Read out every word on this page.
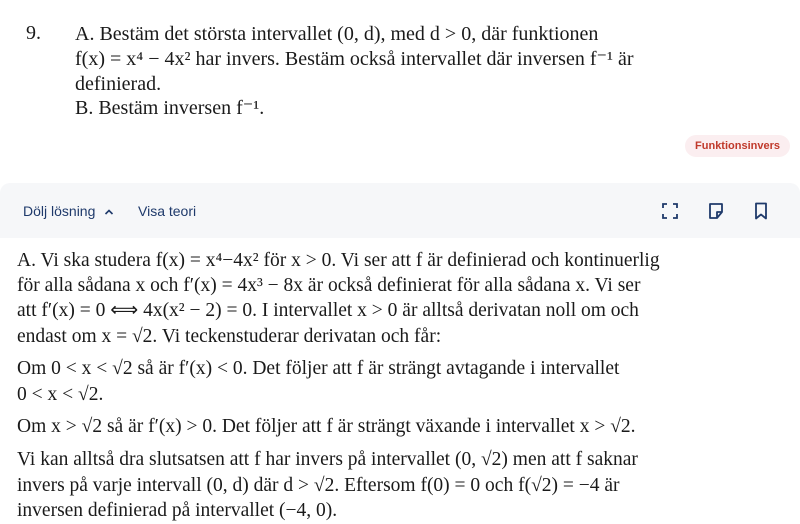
9. A. Bestäm det största intervallet (0, d), med d > 0, där funktionen
f(x) = x⁴ − 4x² har invers. Bestäm också intervallet där inversen f⁻¹ är
definierad.
B. Bestäm inversen f⁻¹.
Funktionsinvers
Dölj lösning	Visa teori
A. Vi ska studera f(x) = x⁴−4x² för x > 0. Vi ser att f är definierad och kontinuerlig
för alla sådana x och f′(x) = 4x³ − 8x är också definierat för alla sådana x. Vi ser
att f′(x) = 0 ⟺ 4x(x² − 2) = 0. I intervallet x > 0 är alltså derivatan noll om och
endast om x = √2. Vi teckenstuderar derivatan och får:
Om 0 < x < √2 så är f′(x) < 0. Det följer att f är strängt avtagande i intervallet
0 < x < √2.
Om x > √2 så är f′(x) > 0. Det följer att f är strängt växande i intervallet x > √2.
Vi kan alltså dra slutsatsen att f har invers på intervallet (0, √2) men att f saknar
invers på varje intervall (0, d) där d > √2. Eftersom f(0) = 0 och f(√2) = −4 är
inversen definierad på intervallet (−4, 0).
